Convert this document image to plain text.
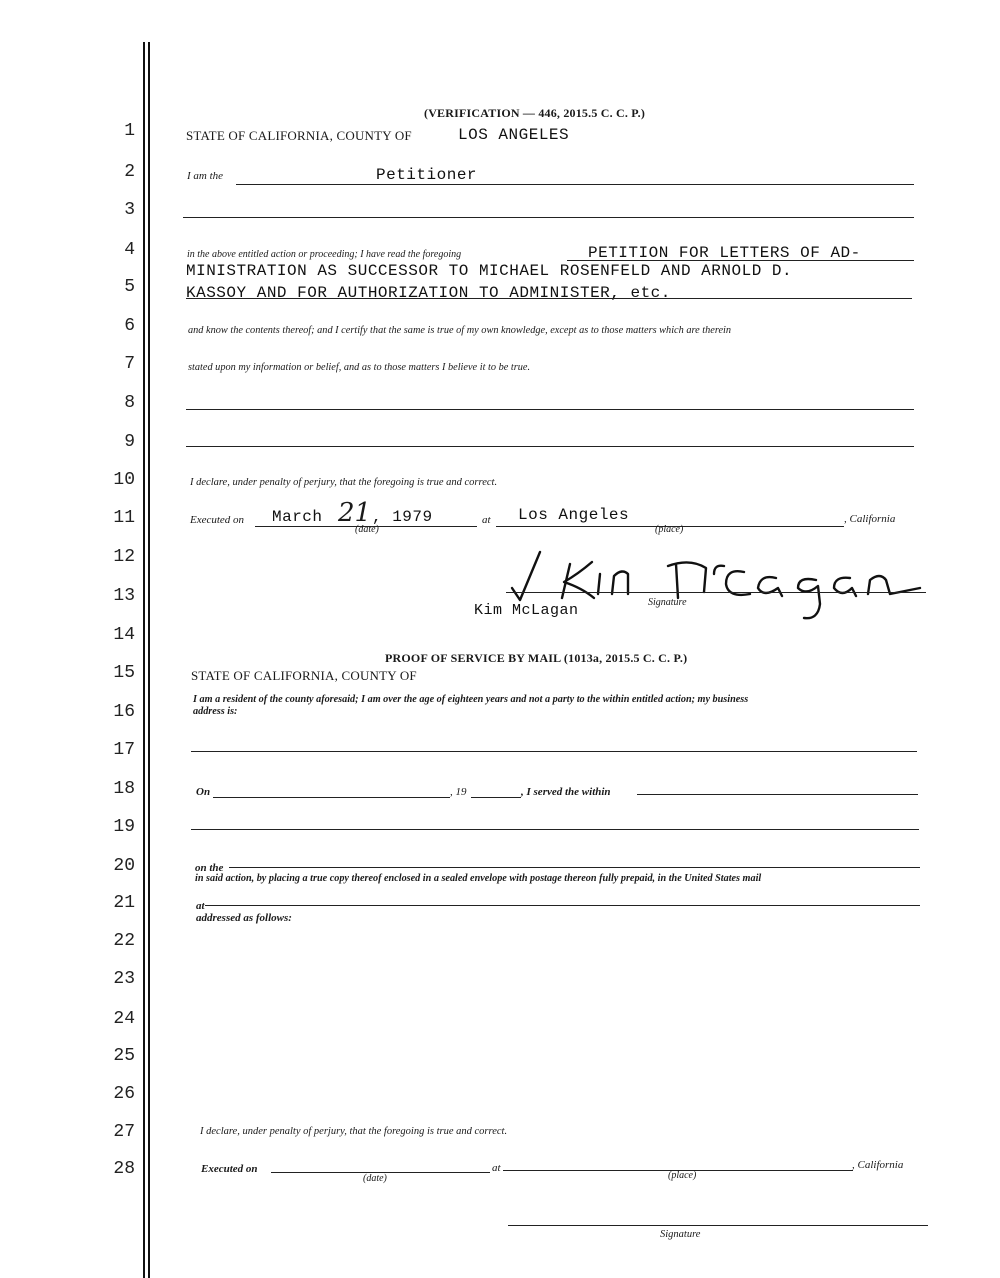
1
2
3
4
5
6
7
8
9
10
11
12
13
14
15
16
17
18
19
20
21
22
23
24
25
26
27
28
(VERIFICATION — 446, 2015.5 C. C. P.)
STATE OF CALIFORNIA, COUNTY OF	LOS ANGELES
I am the	Petitioner
in the above entitled action or proceeding; I have read the foregoing	PETITION FOR LETTERS OF AD-
MINISTRATION AS SUCCESSOR TO MICHAEL ROSENFELD AND ARNOLD D.
KASSOY AND FOR AUTHORIZATION TO ADMINISTER, etc.
and know the contents thereof; and I certify that the same is true of my own knowledge, except as to those matters which are therein
stated upon my information or belief, and as to those matters I believe it to be true.
I declare, under penalty of perjury, that the foregoing is true and correct.
Executed on March 21 , 1979
(date)
at Los Angeles
(place)
, California
Kim McLagan	Signature
PROOF OF SERVICE BY MAIL (1013a, 2015.5 C. C. P.)
STATE OF CALIFORNIA, COUNTY OF
I am a resident of the county aforesaid; I am over the age of eighteen years and not a party to the within entitled action; my business
address is:
On	, 19	, I served the within
on the
in said action, by placing a true copy thereof enclosed in a sealed envelope with postage thereon fully prepaid, in the United States mail
at
addressed as follows:
I declare, under penalty of perjury, that the foregoing is true and correct.
Executed on
(date)
at
(place)
, California
Signature
